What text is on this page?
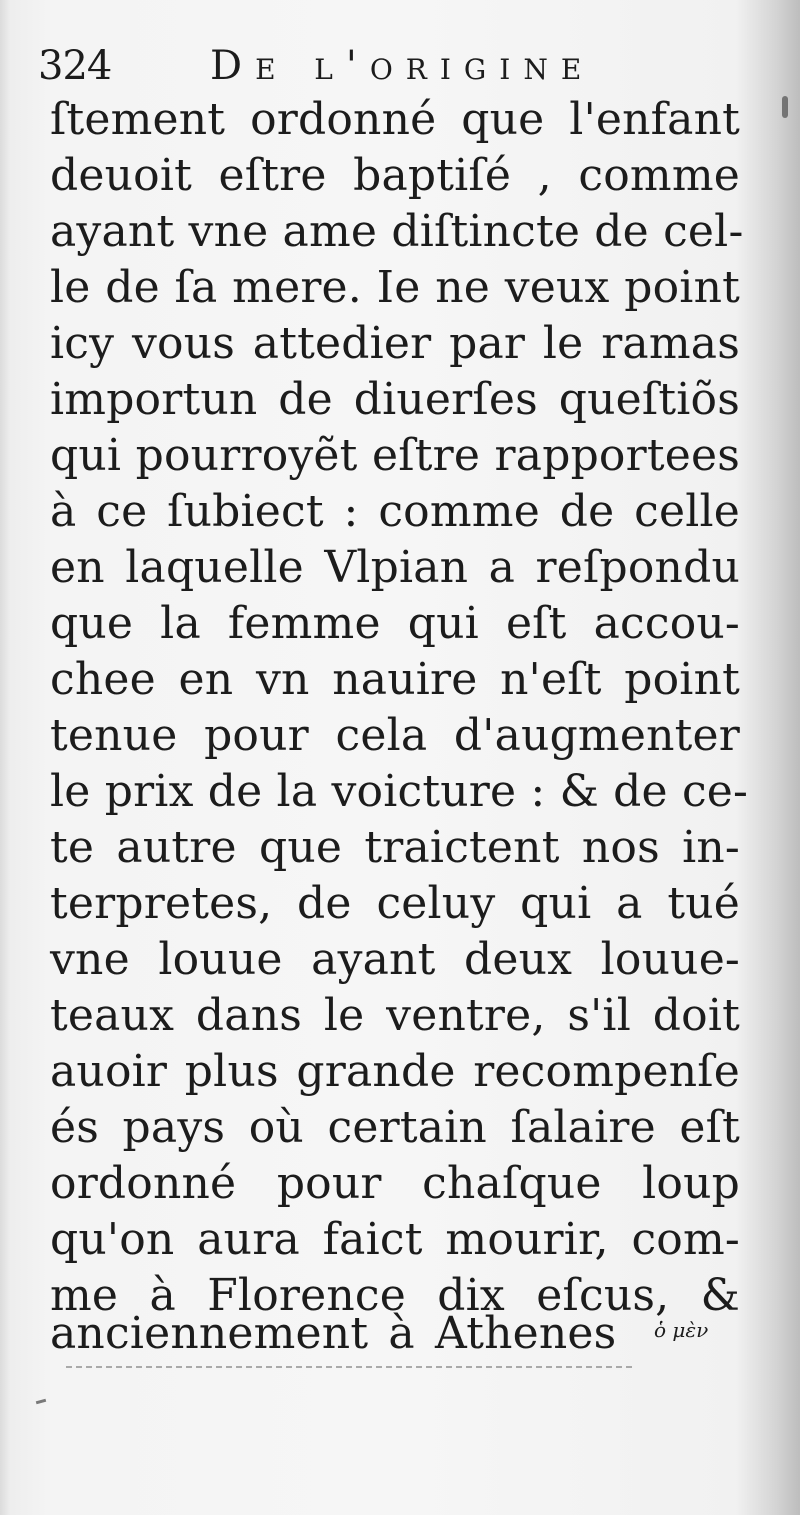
324 De l'origine
ſtement ordonné que l'enfant
deuoit eſtre baptiſé , comme
ayant vne ame diſtincte de cel-
le de ſa mere. Ie ne veux point
icy vous attedier par le ramas
importun de diuerſes queſtiõs
qui pourroyẽt eſtre rapportees
à ce ſubiect : comme de celle
en laquelle Vlpian a reſpondu
que la femme qui eſt accou-
chee en vn nauire n'eſt point
tenue pour cela d'augmenter
le prix de la voicture : & de ce-
te autre que traictent nos in-
terpretes, de celuy qui a tué
vne louue ayant deux louue-
teaux dans le ventre, s'il doit
auoir plus grande recompenſe
és pays où certain ſalaire eſt
ordonné pour chaſque loup
qu'on aura faict mourir, com-
me à Florence dix eſcus, &
anciennement à Athenes ὁ μὲν
